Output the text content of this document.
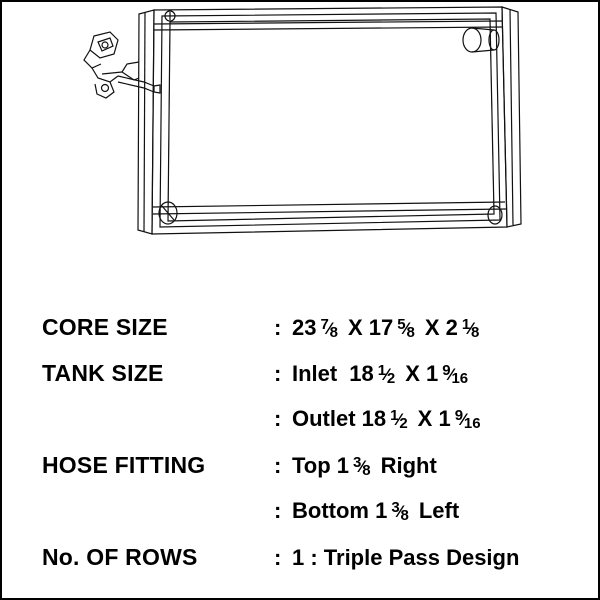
CORE SIZE	: 23 7⁄8 X 17 5⁄8 X 2 1⁄8
TANK SIZE	: Inlet 18 1⁄2 X 1 9⁄16
: Outlet 18 1⁄2 X 1 9⁄16
HOSE FITTING	: Top 1 3⁄8 Right
: Bottom 1 3⁄8 Left
No. OF ROWS	: 1 : Triple Pass Design
